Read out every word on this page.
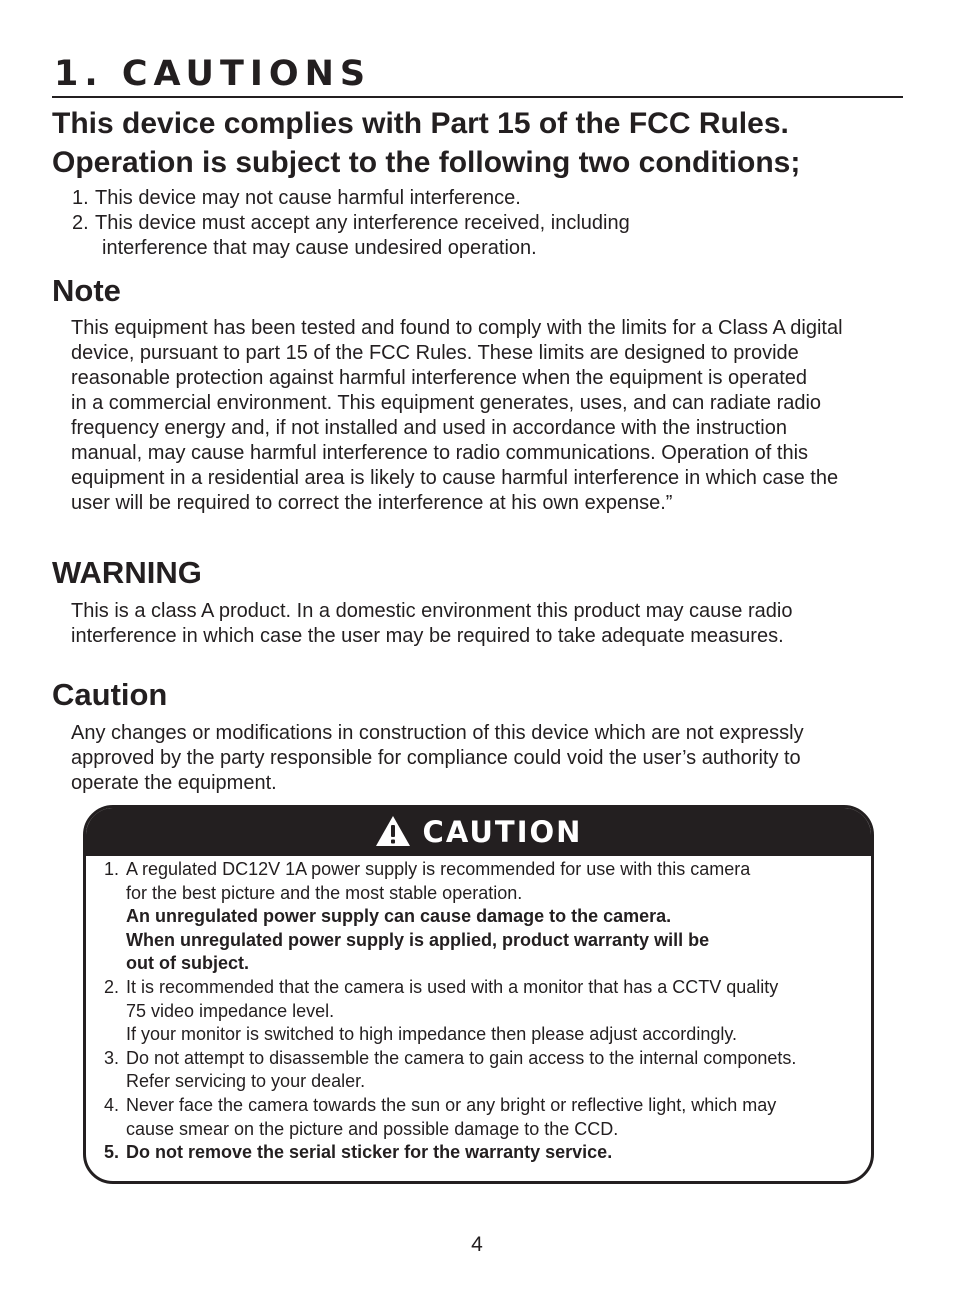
1. CAUTIONS
This device complies with Part 15 of the FCC Rules.
Operation is subject to the following two conditions;
1. This device may not cause harmful interference.
2. This device must accept any interference received, including
interference that may cause undesired operation.
Note
This equipment has been tested and found to comply with the limits for a Class A digital
device, pursuant to part 15 of the FCC Rules. These limits are designed to provide
reasonable protection against harmful interference when the equipment is operated
in a commercial environment. This equipment generates, uses, and can radiate radio
frequency energy and, if not installed and used in accordance with the instruction
manual, may cause harmful interference to radio communications. Operation of this
equipment in a residential area is likely to cause harmful interference in which case the
user will be required to correct the interference at his own expense.”
WARNING
This is a class A product. In a domestic environment this product may cause radio
interference in which case the user may be required to take adequate measures.
Caution
Any changes or modifications in construction of this device which are not expressly
approved by the party responsible for compliance could void the user’s authority to
operate the equipment.
CAUTION
1. A regulated DC12V 1A power supply is recommended for use with this camera
for the best picture and the most stable operation.
An unregulated power supply can cause damage to the camera.
When unregulated power supply is applied, product warranty will be
out of subject.
2. It is recommended that the camera is used with a monitor that has a CCTV quality
75 video impedance level.
If your monitor is switched to high impedance then please adjust accordingly.
3. Do not attempt to disassemble the camera to gain access to the internal componets.
Refer servicing to your dealer.
4. Never face the camera towards the sun or any bright or reflective light, which may
cause smear on the picture and possible damage to the CCD.
5. Do not remove the serial sticker for the warranty service.
4
